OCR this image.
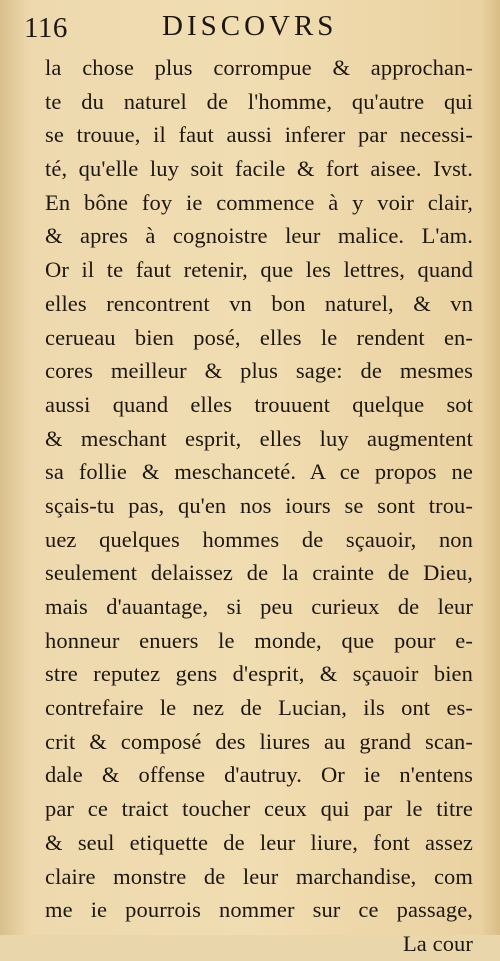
116	DISCOVRS
la chose plus corrompue & approchan-
te du naturel de l'homme, qu'autre qui
se trouue, il faut aussi inferer par necessi-
té, qu'elle luy soit facile & fort aisee. Ivst.
En bône foy ie commence à y voir clair,
& apres à cognoistre leur malice. L'am.
Or il te faut retenir, que les lettres, quand
elles rencontrent vn bon naturel, & vn
cerueau bien posé, elles le rendent en-
cores meilleur & plus sage: de mesmes
aussi quand elles trouuent quelque sot
& meschant esprit, elles luy augmentent
sa follie & meschanceté. A ce propos ne
sçais-tu pas, qu'en nos iours se sont trou-
uez quelques hommes de sçauoir, non
seulement delaissez de la crainte de Dieu,
mais d'auantage, si peu curieux de leur
honneur enuers le monde, que pour e-
stre reputez gens d'esprit, & sçauoir bien
contrefaire le nez de Lucian, ils ont es-
crit & composé des liures au grand scan-
dale & offense d'autruy. Or ie n'entens
par ce traict toucher ceux qui par le titre
& seul etiquette de leur liure, font assez
claire monstre de leur marchandise, com
me ie pourrois nommer sur ce passage,
La cour
